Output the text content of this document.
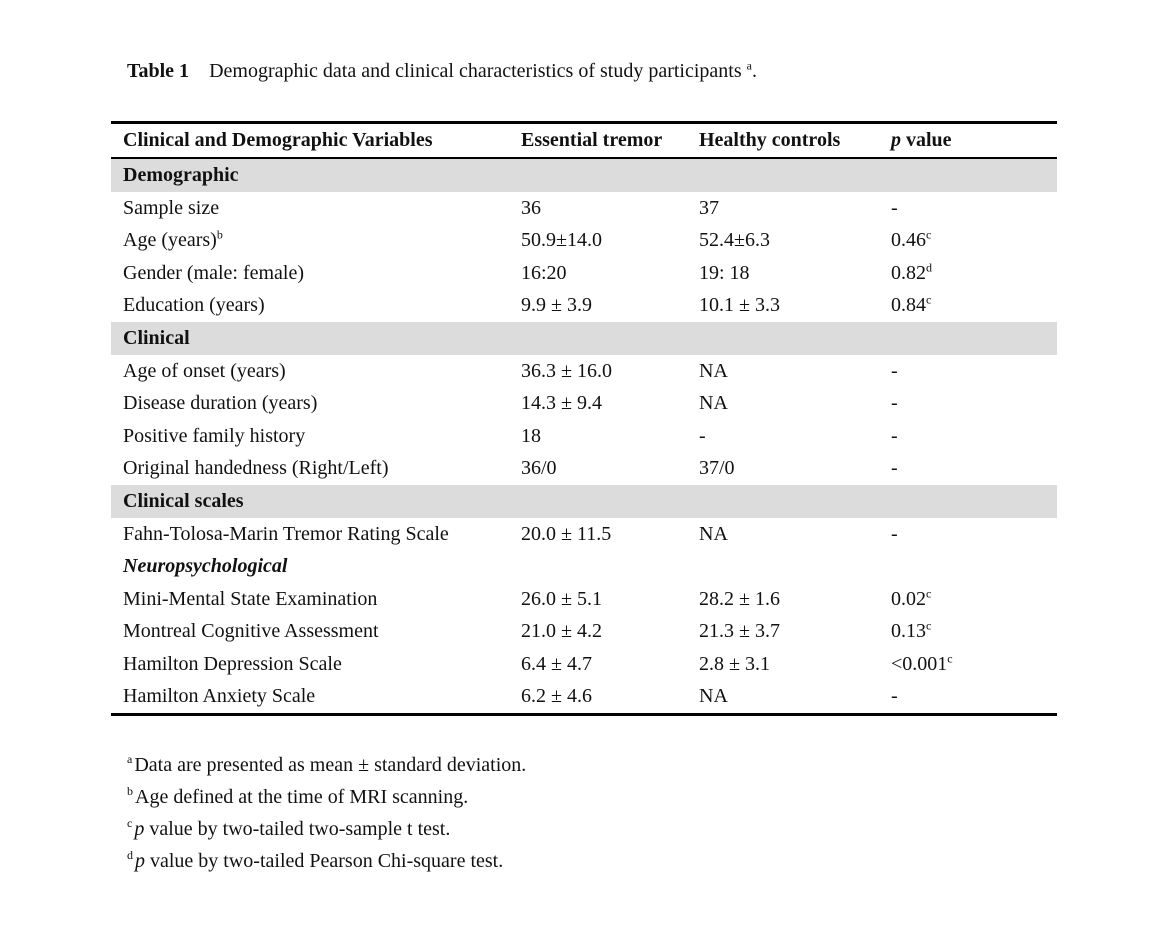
Table 1 Demographic data and clinical characteristics of study participants $^a$.
Clinical and Demographic Variables	Essential tremor	Healthy controls	p value
Demographic			
Sample size	36	37	-
Age (years)$^b$	50.9±14.0	52.4±6.3	0.46$^c$
Gender (male: female)	16:20	19: 18	0.82$^d$
Education (years)	9.9 ± 3.9	10.1 ± 3.3	0.84$^c$
Clinical			
Age of onset (years)	36.3 ± 16.0	NA	-
Disease duration (years)	14.3 ± 9.4	NA	-
Positive family history	18	-	-
Original handedness (Right/Left)	36/0	37/0	-
Clinical scales			
Fahn-Tolosa-Marin Tremor Rating Scale	20.0 ± 11.5	NA	-
Neuropsychological			
Mini-Mental State Examination	26.0 ± 5.1	28.2 ± 1.6	0.02$^c$
Montreal Cognitive Assessment	21.0 ± 4.2	21.3 ± 3.7	0.13$^c$
Hamilton Depression Scale	6.4 ± 4.7	2.8 ± 3.1	<0.001$^c$
Hamilton Anxiety Scale	6.2 ± 4.6	NA	-
$^a$ Data are presented as mean ± standard deviation.
$^b$ Age defined at the time of MRI scanning.
$^c$ p value by two-tailed two-sample t test.
$^d$ p value by two-tailed Pearson Chi-square test.
